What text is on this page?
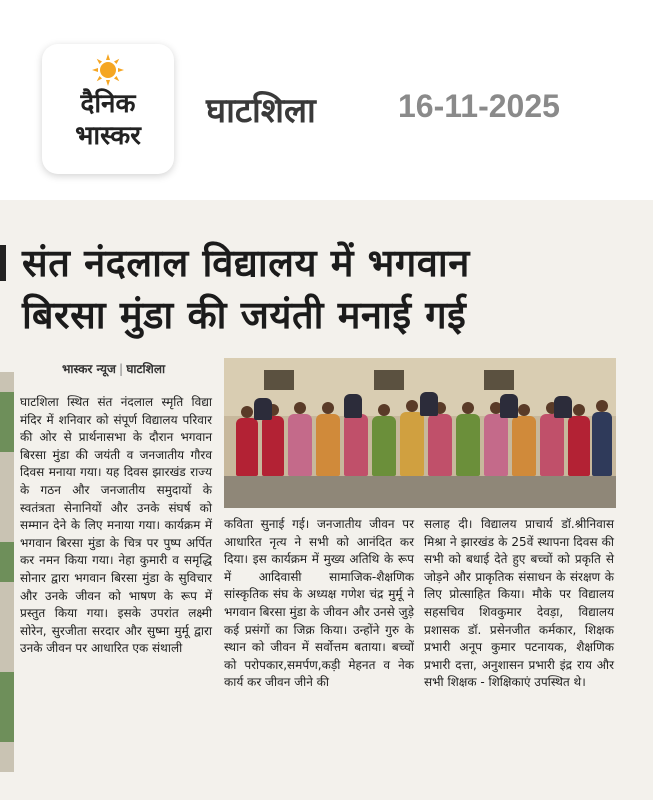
दैनिक
भास्कर
घाटशिला	16-11-2025
संत नंदलाल विद्यालय में भगवान
बिरसा मुंडा की जयंती मनाई गई
भास्कर न्यूज | घाटशिला

घाटशिला स्थित संत नंदलाल स्मृति विद्या मंदिर में शनिवार को संपूर्ण विद्यालय परिवार की ओर से प्रार्थनासभा के दौरान भगवान बिरसा मुंडा की जयंती व जनजातीय गौरव दिवस मनाया गया। यह दिवस झारखंड राज्य के गठन और जनजातीय समुदायों के स्वतंत्रता सेनानियों और उनके संघर्ष को सम्मान देने के लिए मनाया गया। कार्यक्रम में भगवान बिरसा मुंडा के चित्र पर पुष्प अर्पित कर नमन किया गया। नेहा कुमारी व समृद्धि सोनार द्वारा भगवान बिरसा मुंडा के सुविचार और उनके जीवन को भाषण के रूप में प्रस्तुत किया गया। इसके उपरांत लक्ष्मी सोरेन, सुरजीता सरदार और सुष्मा मुर्मू द्वारा उनके जीवन पर आधारित एक संथाली

कविता सुनाई गई। जनजातीय जीवन पर आधारित नृत्य ने सभी को आनंदित कर दिया। इस कार्यक्रम में मुख्य अतिथि के रूप में आदिवासी सामाजिक-शैक्षणिक सांस्कृतिक संघ के अध्यक्ष गणेश चंद्र मुर्मू ने भगवान बिरसा मुंडा के जीवन और उनसे जुड़े कई प्रसंगों का जिक्र किया। उन्होंने गुरु के स्थान को जीवन में सर्वोत्तम बताया। बच्चों को परोपकार,समर्पण,कड़ी मेहनत व नेक कार्य कर जीवन जीने की

सलाह दी। विद्यालय प्राचार्य डॉ.श्रीनिवास मिश्रा ने झारखंड के 25वें स्थापना दिवस की सभी को बधाई देते हुए बच्चों को प्रकृति से जोड़ने और प्राकृतिक संसाधन के संरक्षण के लिए प्रोत्साहित किया। मौके पर विद्यालय सहसचिव शिवकुमार देवड़ा, विद्यालय प्रशासक डॉ. प्रसेनजीत कर्मकार, शिक्षक प्रभारी अनूप कुमार पटनायक, शैक्षणिक प्रभारी दत्ता, अनुशासन प्रभारी इंद्र राय और सभी शिक्षक - शिक्षिकाएं उपस्थित थे।
